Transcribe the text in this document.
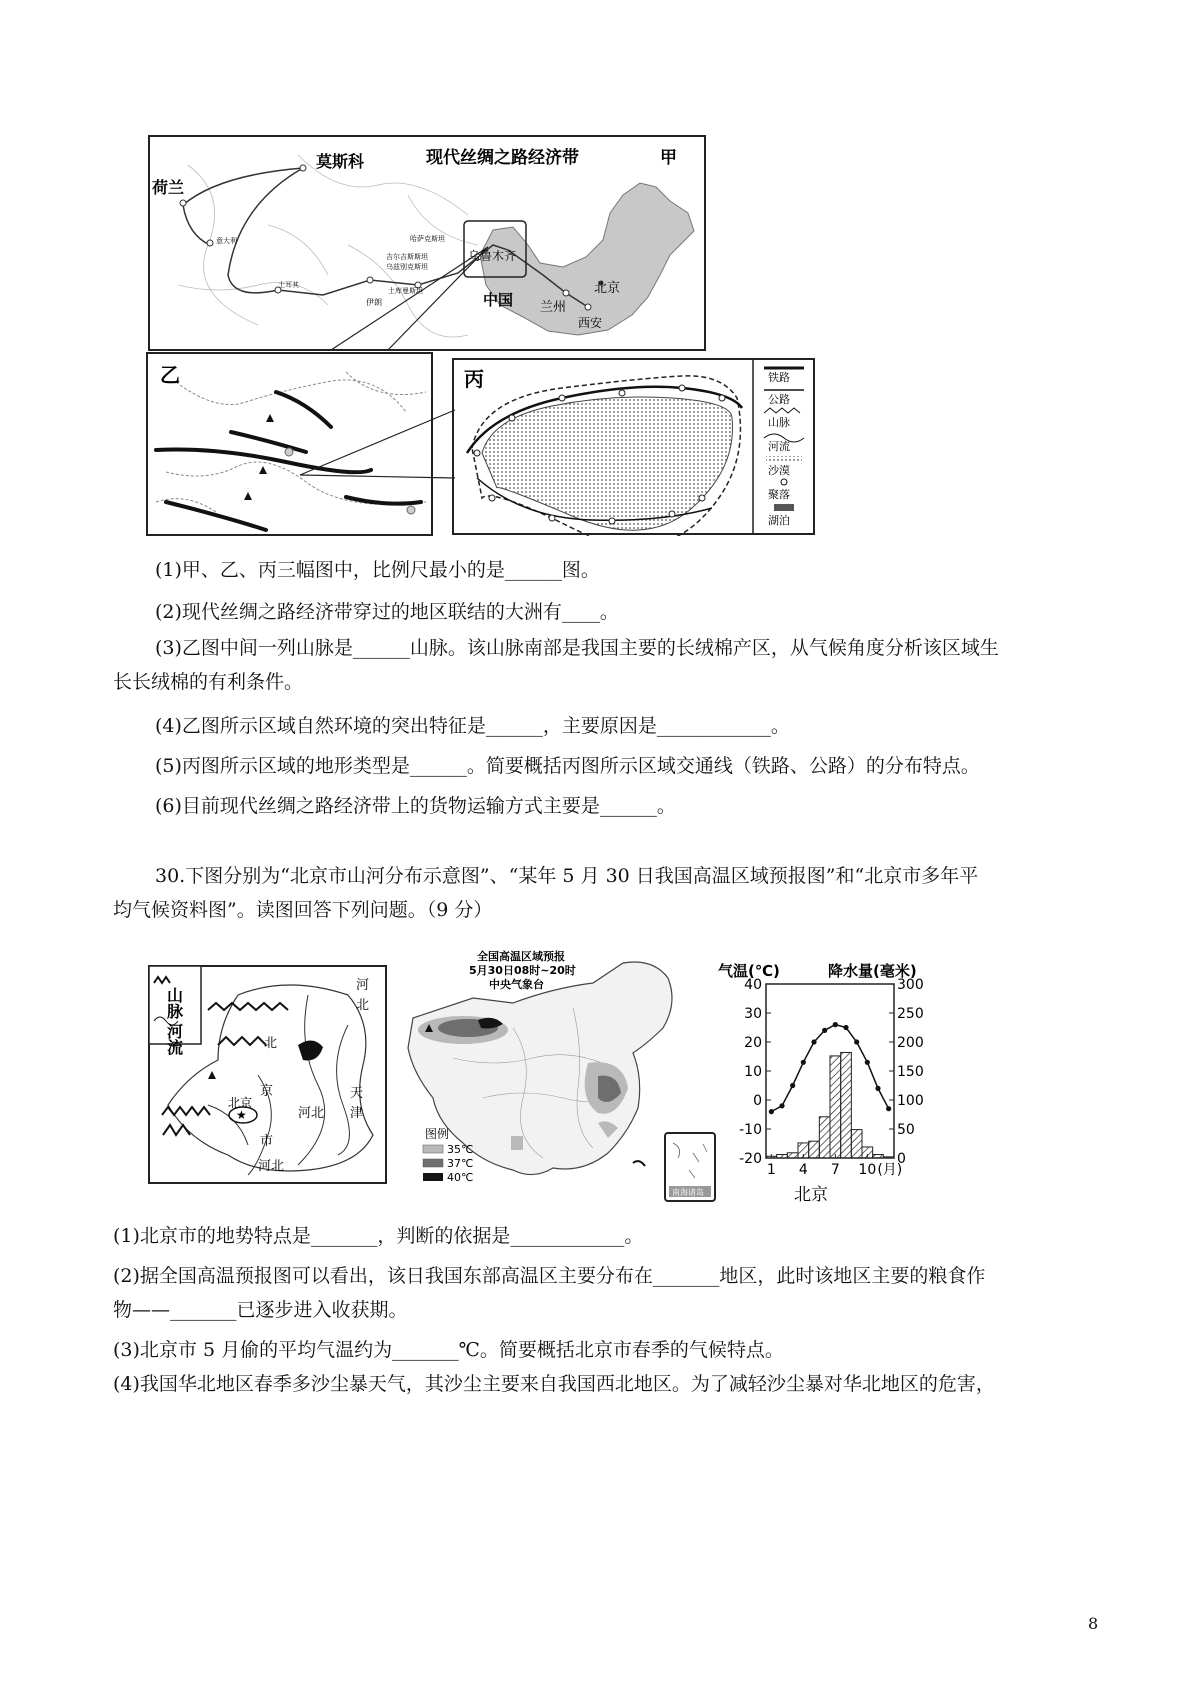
现代丝绸之路经济带	甲
莫斯科
荷兰
意大利	哈萨克斯坦
吉尔吉斯斯坦
乌兹别克斯坦
土库曼斯坦
土耳其
伊朗
乌鲁木齐
中国 兰州
北京
西安
乙	丙	铁路
公路
山脉
河流
沙漠
聚落
湖泊
(1)甲、乙、丙三幅图中，比例尺最小的是______图。
(2)现代丝绸之路经济带穿过的地区联结的大洲有____。
(3)乙图中间一列山脉是______山脉。该山脉南部是我国主要的长绒棉产区，从气候角度分析该区域生
长长绒棉的有利条件。
(4)乙图所示区域自然环境的突出特征是______，主要原因是____________。
(5)丙图所示区域的地形类型是______。简要概括丙图所示区域交通线（铁路、公路）的分布特点。
(6)目前现代丝绸之路经济带上的货物运输方式主要是______。
30.下图分别为“北京市山河分布示意图”、“某年 5 月 30 日我国高温区域预报图”和“北京市多年平
均气候资料图”。读图回答下列问题。（9 分）
山脉
河流
★
河
北
北
京
北京
市
河北
天
津
河北
全国高温区域预报
5月30日08时~20时
中央气象台
图例
35℃
37℃
40℃
南海诸岛
气温(℃)	降水量(毫米)
40
30
20
10
0
-10
-20
300
250
200
150
100
50
0
1 4 7 10 (月)
北京
(1)北京市的地势特点是_______，判断的依据是____________。
(2)据全国高温预报图可以看出，该日我国东部高温区主要分布在_______地区，此时该地区主要的粮食作
物——_______已逐步进入收获期。
(3)北京市 5 月偷的平均气温约为_______℃。简要概括北京市春季的气候特点。
(4)我国华北地区春季多沙尘暴天气，其沙尘主要来自我国西北地区。为了减轻沙尘暴对华北地区的危害，
8
